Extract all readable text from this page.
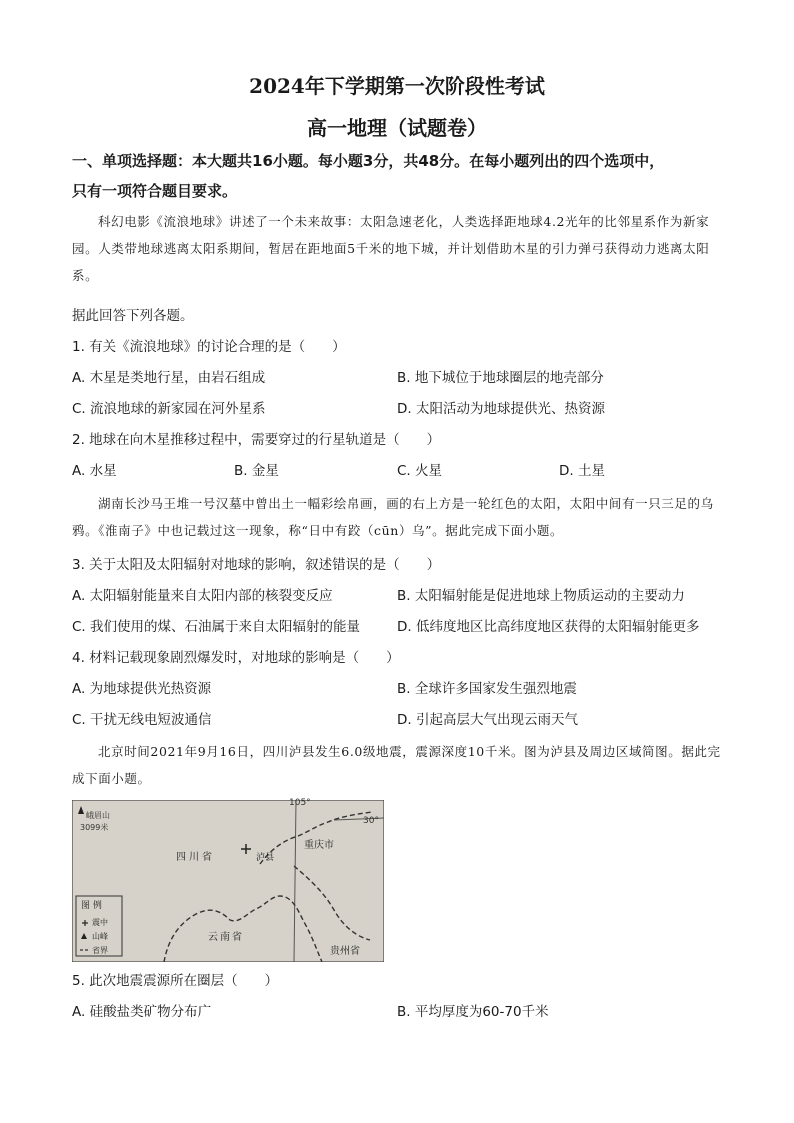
2024年下学期第一次阶段性考试
高一地理（试题卷）
一、单项选择题：本大题共16小题。每小题3分，共48分。在每小题列出的四个选项中，
只有一项符合题目要求。
科幻电影《流浪地球》讲述了一个未来故事：太阳急速老化，人类选择距地球4.2光年的比邻星系作为新家园。人类带地球逃离太阳系期间，暂居在距地面5千米的地下城，并计划借助木星的引力弹弓获得动力逃离太阳系。
据此回答下列各题。
1. 有关《流浪地球》的讨论合理的是（　　）
A. 木星是类地行星，由岩石组成	B. 地下城位于地球圈层的地壳部分
C. 流浪地球的新家园在河外星系	D. 太阳活动为地球提供光、热资源
2. 地球在向木星推移过程中，需要穿过的行星轨道是（　　）
A. 水星	B. 金星	C. 火星	D. 土星
湖南长沙马王堆一号汉墓中曾出土一幅彩绘帛画，画的右上方是一轮红色的太阳，太阳中间有一只三足的乌鸦。《淮南子》中也记载过这一现象，称“日中有跤（cūn）乌”。据此完成下面小题。
3. 关于太阳及太阳辐射对地球的影响，叙述错误的是（　　）
A. 太阳辐射能量来自太阳内部的核裂变反应	B. 太阳辐射能是促进地球上物质运动的主要动力
C. 我们使用的煤、石油属于来自太阳辐射的能量	D. 低纬度地区比高纬度地区获得的太阳辐射能更多
4. 材料记载现象剧烈爆发时，对地球的影响是（　　）
A. 为地球提供光热资源	B. 全球许多国家发生强烈地震
C. 干扰无线电短波通信	D. 引起高层大气出现云雨天气
北京时间2021年9月16日，四川泸县发生6.0级地震，震源深度10千米。图为泸县及周边区域简图。据此完成下面小题。
105°
30°
峨眉山
3099米
四川省
重庆市
云南省
贵州省
泸县
图 例
震中
山峰
省界
5. 此次地震震源所在圈层（　　）
A. 硅酸盐类矿物分布广	B. 平均厚度为60-70千米
